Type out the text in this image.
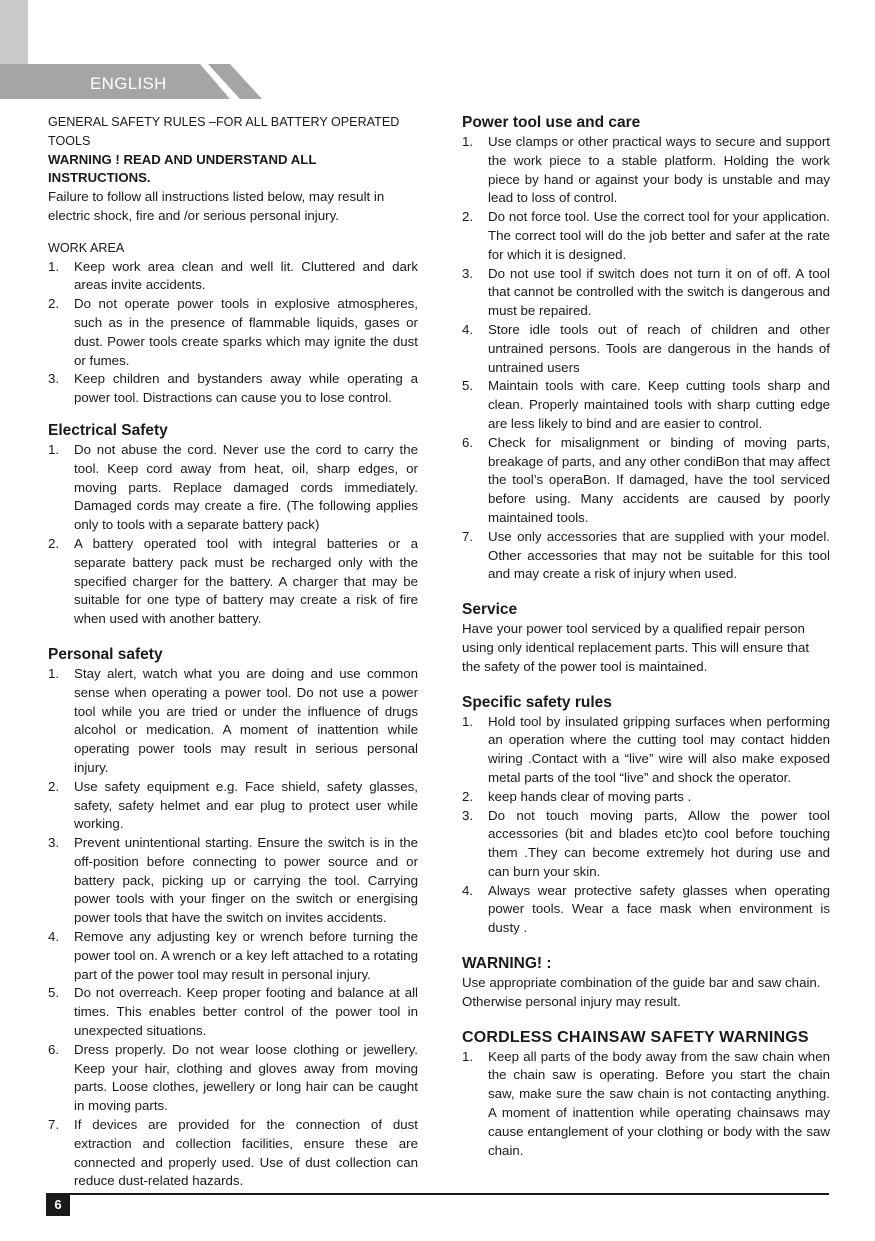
ENGLISH

GENERAL SAFETY RULES –FOR ALL BATTERY OPERATED TOOLS

WARNING ! READ AND UNDERSTAND ALL INSTRUCTIONS.

Failure to follow all instructions listed below, may result in electric shock, fire and /or serious personal injury.

WORK AREA

1. Keep work area clean and well lit. Cluttered and dark areas invite accidents.
2. Do not operate power tools in explosive atmospheres, such as in the presence of flammable liquids, gases or dust. Power tools create sparks which may ignite the dust or fumes.
3. Keep children and bystanders away while operating a power tool. Distractions can cause you to lose control.
Electrical Safety
1. Do not abuse the cord. Never use the cord to carry the tool. Keep cord away from heat, oil, sharp edges, or moving parts. Replace damaged cords immediately. Damaged cords may create a fire. (The following applies only to tools with a separate battery pack)
2. A battery operated tool with integral batteries or a separate battery pack must be recharged only with the specified charger for the battery. A charger that may be suitable for one type of battery may create a risk of fire when used with another battery.
Personal safety
1. Stay alert, watch what you are doing and use common sense when operating a power tool. Do not use a power tool while you are tried or under the influence of drugs alcohol or medication. A moment of inattention while operating power tools may result in serious personal injury.
2. Use safety equipment e.g. Face shield, safety glasses, safety, safety helmet and ear plug to protect user while working.
3. Prevent unintentional starting. Ensure the switch is in the off-position before connecting to power source and or battery pack, picking up or carrying the tool. Carrying power tools with your finger on the switch or energising power tools that have the switch on invites accidents.
4. Remove any adjusting key or wrench before turning the power tool on. A wrench or a key left attached to a rotating part of the power tool may result in personal injury.
5. Do not overreach. Keep proper footing and balance at all times. This enables better control of the power tool in unexpected situations.
6. Dress properly. Do not wear loose clothing or jewellery. Keep your hair, clothing and gloves away from moving parts. Loose clothes, jewellery or long hair can be caught in moving parts.
7. If devices are provided for the connection of dust extraction and collection facilities, ensure these are connected and properly used. Use of dust collection can reduce dust-related hazards.
Power tool use and care
1. Use clamps or other practical ways to secure and support the work piece to a stable platform. Holding the work piece by hand or against your body is unstable and may lead to loss of control.
2. Do not force tool. Use the correct tool for your application. The correct tool will do the job better and safer at the rate for which it is designed.
3. Do not use tool if switch does not turn it on of off. A tool that cannot be controlled with the switch is dangerous and must be repaired.
4. Store idle tools out of reach of children and other untrained persons. Tools are dangerous in the hands of untrained users
5. Maintain tools with care. Keep cutting tools sharp and clean. Properly maintained tools with sharp cutting edge are less likely to bind and are easier to control.
6. Check for misalignment or binding of moving parts, breakage of parts, and any other condiBon that may affect the tool’s operaBon. If damaged, have the tool serviced before using. Many accidents are caused by poorly maintained tools.
7. Use only accessories that are supplied with your model. Other accessories that may not be suitable for this tool and may create a risk of injury when used.
Service

Have your power tool serviced by a qualified repair person using only identical replacement parts. This will ensure that the safety of the power tool is maintained.

Specific safety rules
1. Hold tool by insulated gripping surfaces when performing an operation where the cutting tool may contact hidden wiring .Contact with a “live” wire will also make exposed metal parts of the tool “live” and shock the operator.
2. keep hands clear of moving parts .
3. Do not touch moving parts, Allow the power tool accessories (bit and blades etc)to cool before touching them .They can become extremely hot during use and can burn your skin.
4. Always wear protective safety glasses when operating power tools. Wear a face mask when environment is dusty .
WARNING! :

Use appropriate combination of the guide bar and saw chain. Otherwise personal injury may result.

CORDLESS CHAINSAW SAFETY WARNINGS
1. Keep all parts of the body away from the saw chain when the chain saw is operating. Before you start the chain saw, make sure the saw chain is not contacting anything. A moment of inattention while operating chainsaws may cause entanglement of your clothing or body with the saw chain.
6
